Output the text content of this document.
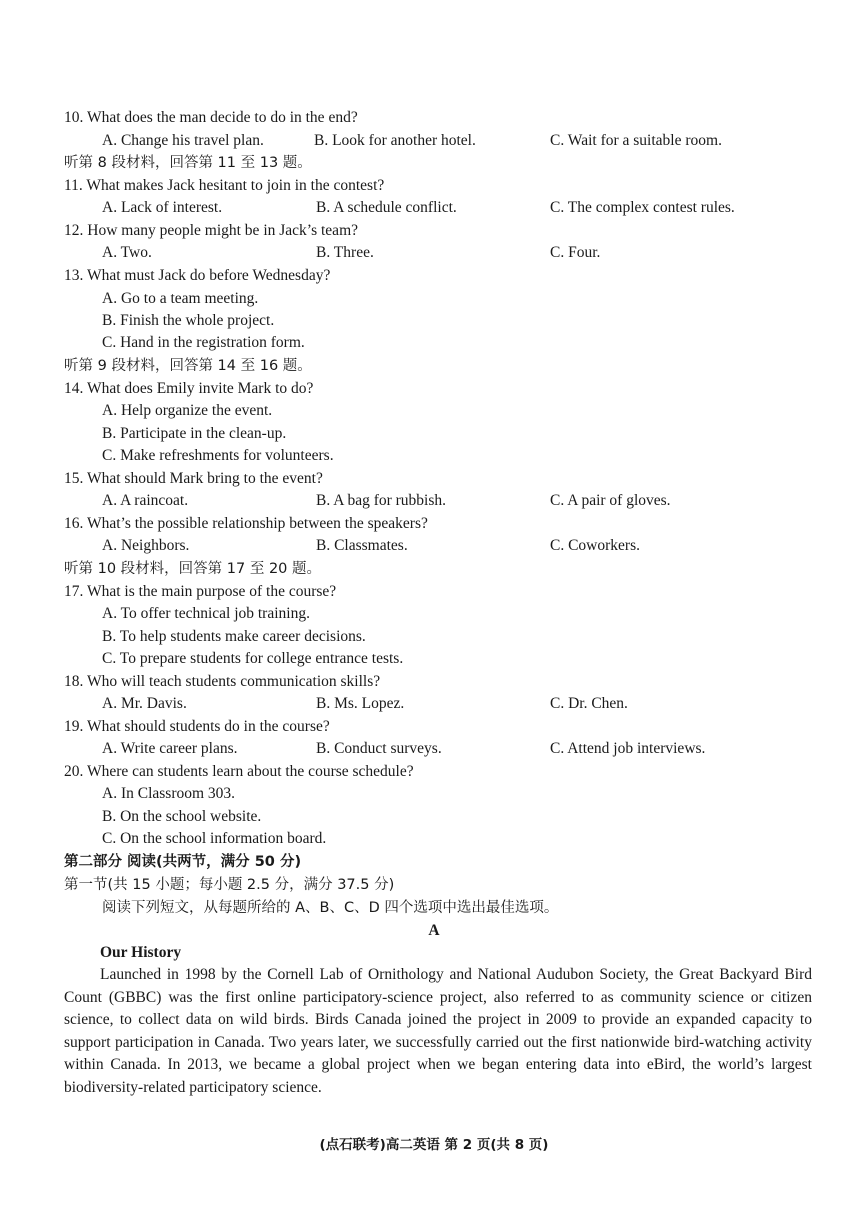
10. What does the man decide to do in the end?
A. Change his travel plan.	B. Look for another hotel.	C. Wait for a suitable room.
听第 8 段材料，回答第 11 至 13 题。
11. What makes Jack hesitant to join in the contest?
A. Lack of interest.	B. A schedule conflict.	C. The complex contest rules.
12. How many people might be in Jack’s team?
A. Two.	B. Three.	C. Four.
13. What must Jack do before Wednesday?
A. Go to a team meeting.
B. Finish the whole project.
C. Hand in the registration form.
听第 9 段材料，回答第 14 至 16 题。
14. What does Emily invite Mark to do?
A. Help organize the event.
B. Participate in the clean-up.
C. Make refreshments for volunteers.
15. What should Mark bring to the event?
A. A raincoat.	B. A bag for rubbish.	C. A pair of gloves.
16. What’s the possible relationship between the speakers?
A. Neighbors.	B. Classmates.	C. Coworkers.
听第 10 段材料，回答第 17 至 20 题。
17. What is the main purpose of the course?
A. To offer technical job training.
B. To help students make career decisions.
C. To prepare students for college entrance tests.
18. Who will teach students communication skills?
A. Mr. Davis.	B. Ms. Lopez.	C. Dr. Chen.
19. What should students do in the course?
A. Write career plans.	B. Conduct surveys.	C. Attend job interviews.
20. Where can students learn about the course schedule?
A. In Classroom 303.
B. On the school website.
C. On the school information board.
第二部分 阅读(共两节，满分 50 分)
第一节(共 15 小题；每小题 2.5 分，满分 37.5 分)
阅读下列短文，从每题所给的 A、B、C、D 四个选项中选出最佳选项。
A
Our History
Launched in 1998 by the Cornell Lab of Ornithology and National Audubon Society, the Great Backyard Bird Count (GBBC) was the first online participatory-science project, also referred to as community science or citizen science, to collect data on wild birds. Birds Canada joined the project in 2009 to provide an expanded capacity to support participation in Canada. Two years later, we successfully carried out the first nationwide bird-watching activity within Canada. In 2013, we became a global project when we began entering data into eBird, the world’s largest biodiversity-related participatory science.
(点石联考)高二英语 第 2 页(共 8 页)
